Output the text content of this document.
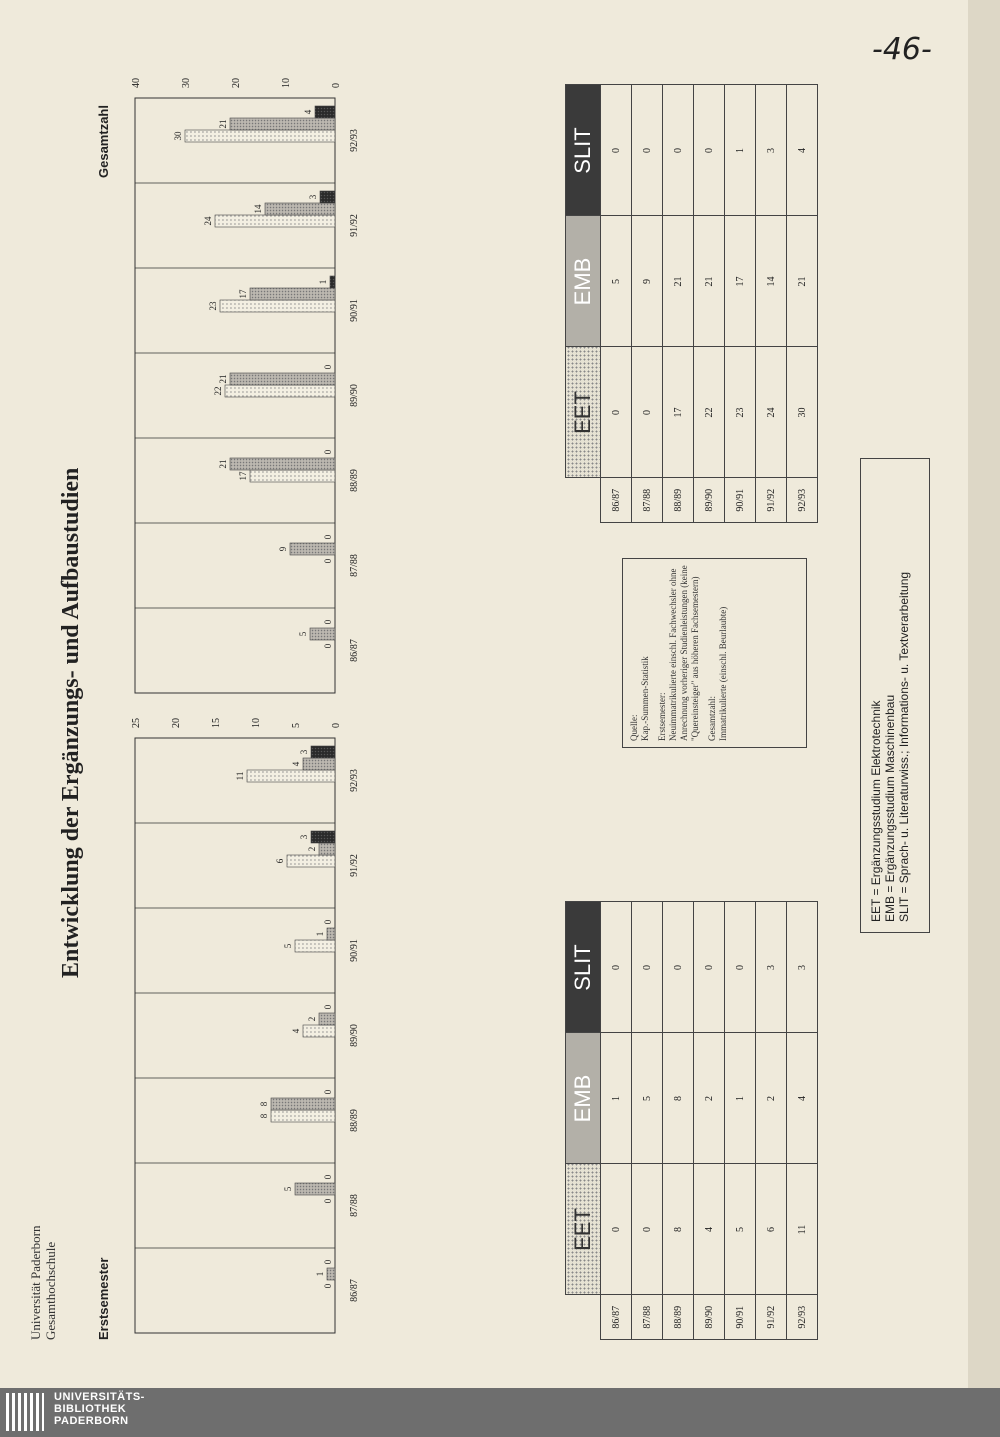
-46-
Universität Paderborn Gesamthochschule
Entwicklung der Ergänzungs- und Aufbaustudien
Erstsemester
Gesamtzahl
0
5
10
15
20
25
0
1
0
86/87
0
5
0
87/88
8
8
0
88/89
4
2
0
89/90
5
1
0
90/91
6
2
3
91/92
11
4
3
92/93
0
10
20
30
40
0
5
0
86/87
0
9
0
87/88
17
21
0
88/89
22
21
0
89/90
23
17
1
90/91
24
14
3
91/92
30
21
4
92/93
	EET	EMB	SLIT
86/87	0	1	0
87/88	0	5	0
88/89	8	8	0
89/90	4	2	0
90/91	5	1	0
91/92	6	2	3
92/93	11	4	3
	EET	EMB	SLIT
86/87	0	5	0
87/88	0	9	0
88/89	17	21	0
89/90	22	21	0
90/91	23	17	1
91/92	24	14	3
92/93	30	21	4
Quelle: Kap.-Summen-Statistik Erstsemester: Neuimmatrikulierte einschl. Fachwechsler ohne Anrechnung vorheriger Studienleistungen (keine "Quereinsteiger" aus höheren Fachsemestern) Gesamtzahl: Immatrikulierte (einschl. Beurlaubte)
EET = Ergänzungsstudium Elektrotechnik EMB = Ergänzungsstudium Maschinenbau SLIT = Sprach- u. Literaturwiss.; Informations- u. Textverarbeitung
UNIVERSITÄTS-
BIBLIOTHEK
PADERBORN
